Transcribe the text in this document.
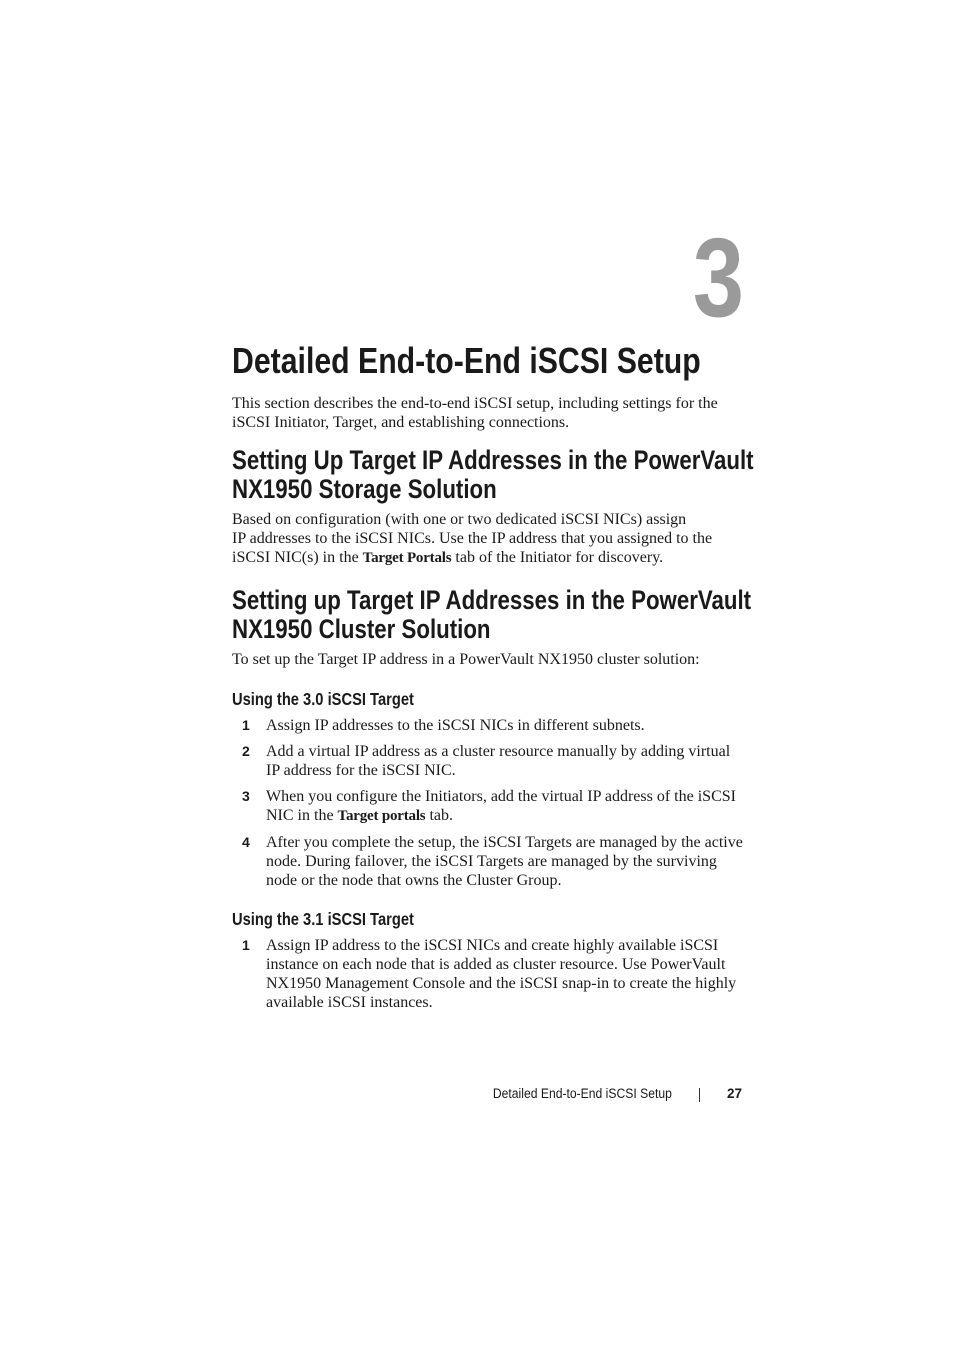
3
Detailed End-to-End iSCSI Setup

This section describes the end-to-end iSCSI setup, including settings for the iSCSI Initiator, Target, and establishing connections.

Setting Up Target IP Addresses in the PowerVault
NX1950 Storage Solution

Based on configuration (with one or two dedicated iSCSI NICs) assign
IP addresses to the iSCSI NICs. Use the IP address that you assigned to the
iSCSI NIC(s) in the Target Portals tab of the Initiator for discovery.

Setting up Target IP Addresses in the PowerVault
NX1950 Cluster Solution

To set up the Target IP address in a PowerVault NX1950 cluster solution:

Using the 3.0 iSCSI Target
1 Assign IP addresses to the iSCSI NICs in different subnets.
2 Add a virtual IP address as a cluster resource manually by adding virtual
IP address for the iSCSI NIC.
3 When you configure the Initiators, add the virtual IP address of the iSCSI
NIC in the Target portals tab.
4 After you complete the setup, the iSCSI Targets are managed by the active
node. During failover, the iSCSI Targets are managed by the surviving
node or the node that owns the Cluster Group.
Using the 3.1 iSCSI Target
1 Assign IP address to the iSCSI NICs and create highly available iSCSI
instance on each node that is added as cluster resource. Use PowerVault
NX1950 Management Console and the iSCSI snap-in to create the highly
available iSCSI instances.
Detailed End-to-End iSCSI Setup	27
